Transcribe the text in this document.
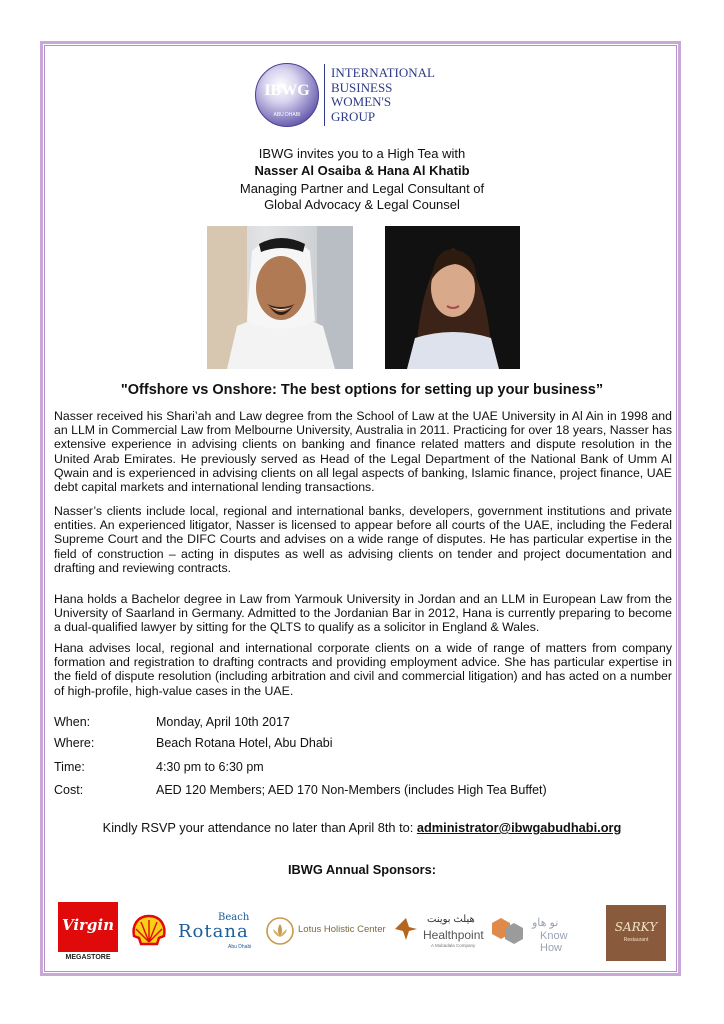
IBWG
ABU DHABI
INTERNATIONAL
BUSINESS
WOMEN'S
GROUP
IBWG invites you to a High Tea with
Nasser Al Osaiba & Hana Al Khatib
Managing Partner and Legal Consultant of
Global Advocacy & Legal Counsel
"Offshore vs Onshore: The best options for setting up your business”
Nasser received his Shari’ah and Law degree from the School of Law at the UAE University in Al Ain in 1998 and an LLM in Commercial Law from Melbourne University, Australia in 2011. Practicing for over 18 years, Nasser has extensive experience in advising clients on banking and finance related matters and dispute resolution in the United Arab Emirates. He previously served as Head of the Legal Department of the National Bank of Umm Al Qwain and is experienced in advising clients on all legal aspects of banking, Islamic finance, project finance, UAE debt capital markets and international lending transactions.
Nasser’s clients include local, regional and international banks, developers, government institutions and private entities. An experienced litigator, Nasser is licensed to appear before all courts of the UAE, including the Federal Supreme Court and the DIFC Courts and advises on a wide range of disputes. He has particular expertise in the field of construction – acting in disputes as well as advising clients on tender and project documentation and drafting and reviewing contracts.
Hana holds a Bachelor degree in Law from Yarmouk University in Jordan and an LLM in European Law from the University of Saarland in Germany. Admitted to the Jordanian Bar in 2012, Hana is currently preparing to become a dual-qualified lawyer by sitting for the QLTS to qualify as a solicitor in England & Wales.
Hana advises local, regional and international corporate clients on a wide of range of matters from company formation and registration to drafting contracts and providing employment advice. She has particular expertise in the field of dispute resolution (including arbitration and civil and commercial litigation) and has acted on a number of high-profile, high-value cases in the UAE.
When:	Monday, April 10th 2017
Where:	Beach Rotana Hotel, Abu Dhabi
Time:	4:30 pm to 6:30 pm
Cost:	AED 120 Members; AED 170 Non-Members (includes High Tea Buffet)
Kindly RSVP your attendance no later than April 8th to: administrator@ibwgabudhabi.org
IBWG Annual Sponsors:
Virgin
MEGASTORE
Beach
Rotana
Abu Dhabi
Lotus Holistic Center
هيلث بوينت
Healthpoint
A Mubadala Company
نو هاو
Know How
SARKY
Restaurant
